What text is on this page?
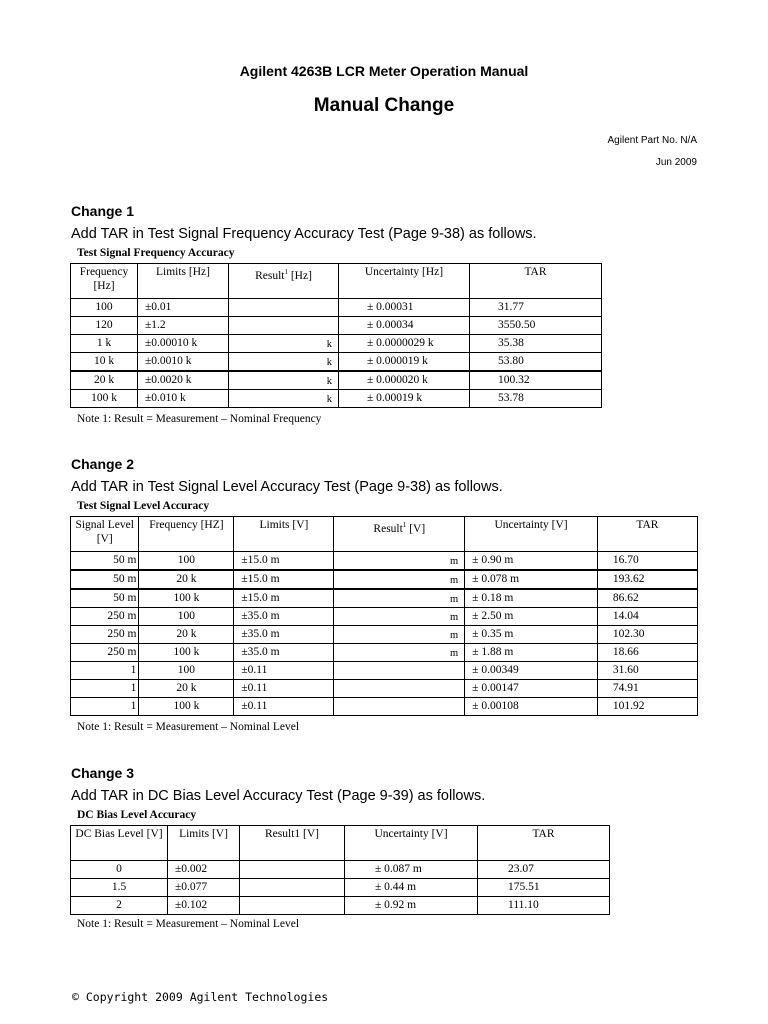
Agilent 4263B LCR Meter Operation Manual
Manual Change
Agilent Part No. N/A
Jun 2009
Change 1
Add TAR in Test Signal Frequency Accuracy Test (Page 9-38) as follows.
Test Signal Frequency Accuracy
Frequency [Hz]	Limits [Hz]	Result$^1$ [Hz]	Uncertainty [Hz]	TAR
100	±0.01		± 0.00031	31.77
120	±1.2		± 0.00034	3550.50
1 k	±0.00010 k	k	± 0.0000029 k	35.38
10 k	±0.0010 k	k	± 0.000019 k	53.80
20 k	±0.0020 k	k	± 0.000020 k	100.32
100 k	±0.010 k	k	± 0.00019 k	53.78
Note 1: Result = Measurement – Nominal Frequency
Change 2
Add TAR in Test Signal Level Accuracy Test (Page 9-38) as follows.
Test Signal Level Accuracy
Signal Level [V]	Frequency [HZ]	Limits [V]	Result$^1$ [V]	Uncertainty [V]	TAR
50 m	100	±15.0 m	m	± 0.90 m	16.70
50 m	20 k	±15.0 m	m	± 0.078 m	193.62
50 m	100 k	±15.0 m	m	± 0.18 m	86.62
250 m	100	±35.0 m	m	± 2.50 m	14.04
250 m	20 k	±35.0 m	m	± 0.35 m	102.30
250 m	100 k	±35.0 m	m	± 1.88 m	18.66
1	100	±0.11		± 0.00349	31.60
1	20 k	±0.11		± 0.00147	74.91
1	100 k	±0.11		± 0.00108	101.92
Note 1: Result = Measurement – Nominal Level
Change 3
Add TAR in DC Bias Level Accuracy Test (Page 9-39) as follows.
DC Bias Level Accuracy
DC Bias Level [V]	Limits [V]	Result1 [V]	Uncertainty [V]	TAR
0	±0.002		± 0.087 m	23.07
1.5	±0.077		± 0.44 m	175.51
2	±0.102		± 0.92 m	111.10
Note 1: Result = Measurement – Nominal Level
© Copyright 2009 Agilent Technologies
